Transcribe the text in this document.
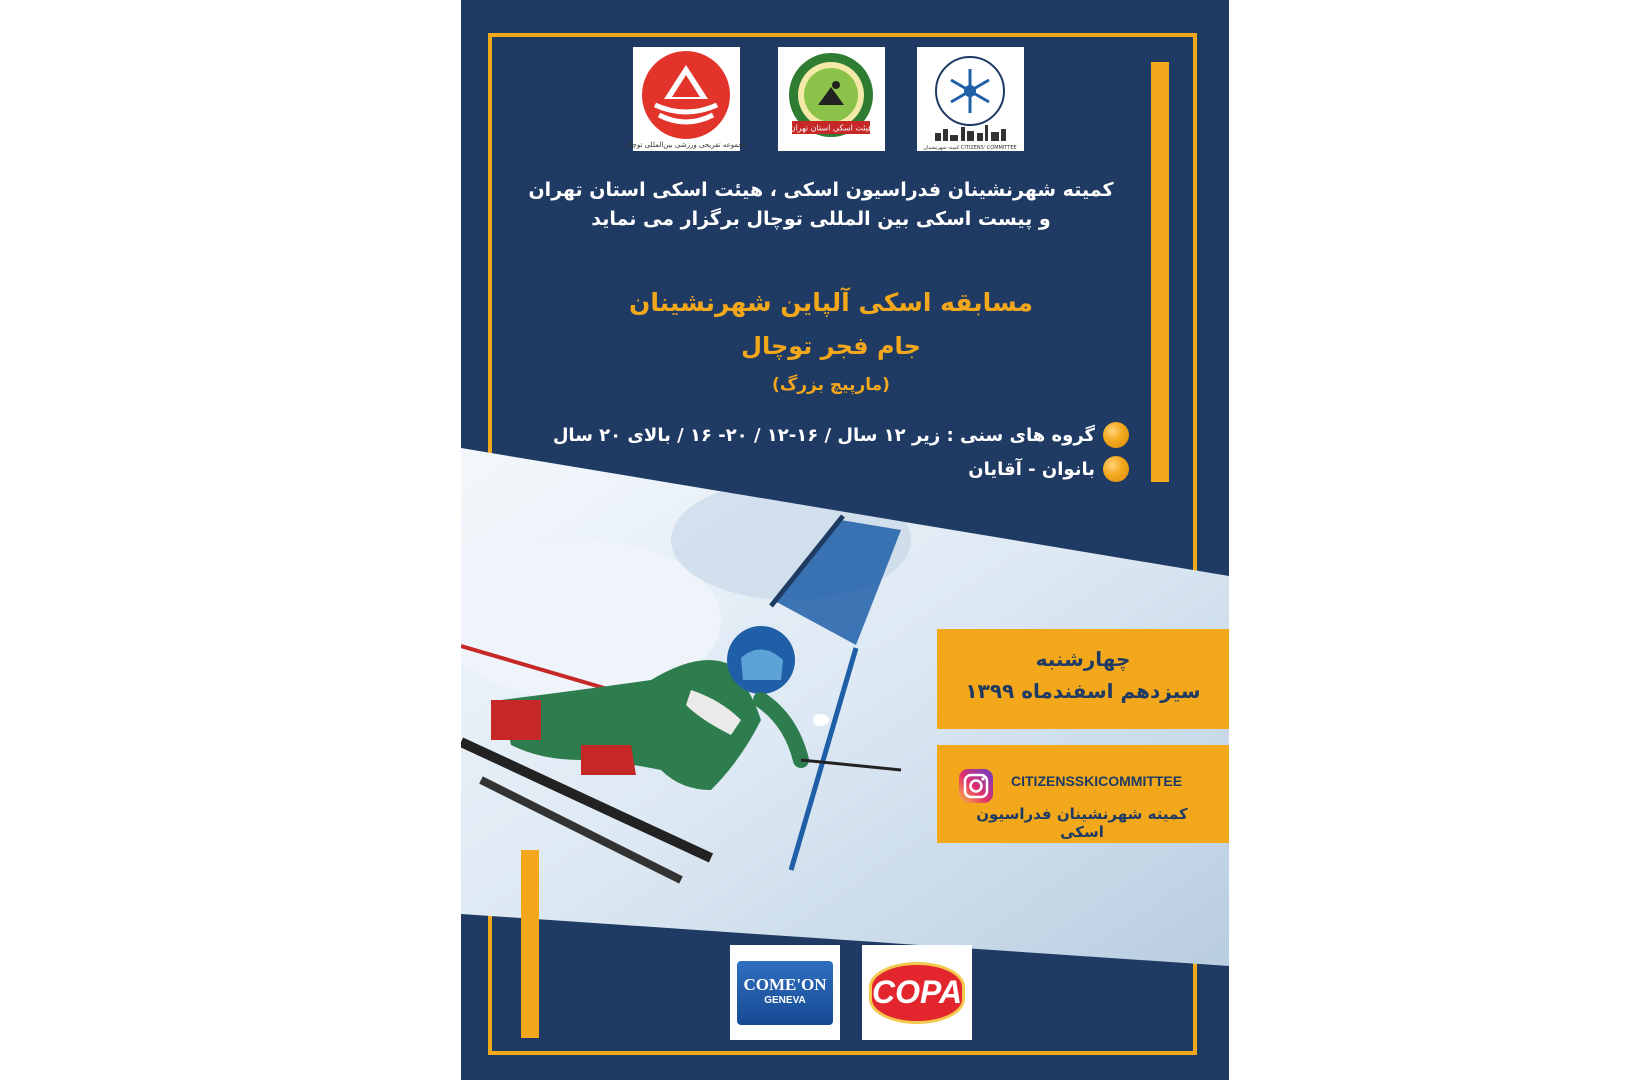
مجموعه تفریحی ورزشی بین‌المللی توچال
هیئت اسکی استان تهران
کمیته شهرنشینان CITIZENS' COMMITTEE
کمیته شهرنشینان فدراسیون اسکی ، هیئت اسکی استان تهران
و پیست اسکی بین المللی توچال برگزار می نماید
مسابقه اسکی آلپاین شهرنشینان
جام فجر توچال
(مارپیچ بزرگ)
گروه های سنی : زیر ۱۲ سال / ۱۶-۱۲ / ۲۰- ۱۶ / بالای ۲۰ سال
بانوان - آقایان
چهارشنبه
سیزدهم اسفندماه ۱۳۹۹
CITIZENSSKICOMMITTEE
کمیته شهرنشینان فدراسیون اسکی
COME'ON
GENEVA	COPA
